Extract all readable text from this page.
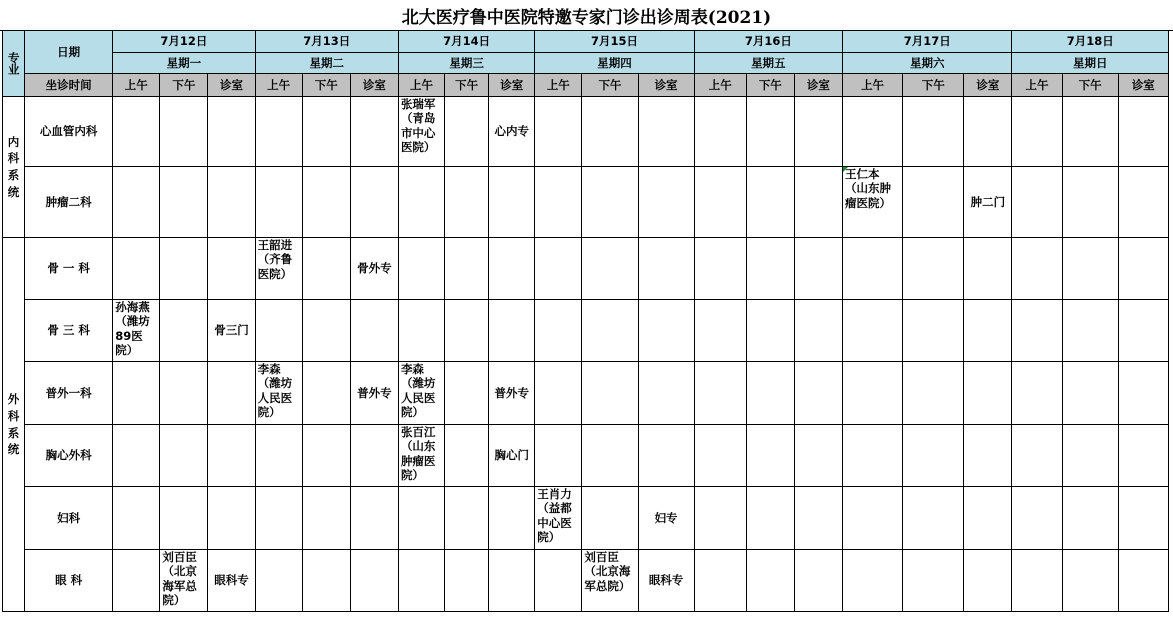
北大医疗鲁中医院特邀专家门诊出诊周表(2021)
专业	日期	7月12日			7月13日			7月14日			7月15日			7月16日			7月17日			7月18日		
		星期一			星期二			星期三			星期四			星期五			星期六			星期日		
	坐诊时间	上午	下午	诊室	上午	下午	诊室	上午	下午	诊室	上午	下午	诊室	上午	下午	诊室	上午	下午	诊室	上午	下午	诊室

内科系统	心血管内科							张瑞军（青岛市中心医院）		心内专												
	肿瘤二科																王仁本（山东肿瘤医院）		肿二门			

外科系统	骨 一 科				王韶进（齐鲁医院）		骨外专															
	骨 三 科	孙海燕（潍坊89医院）		骨三门																		
	普外一科				李森（潍坊人民医院）		普外专	李森（潍坊人民医院）		普外专												
	胸心外科							张百江（山东肿瘤医院）		胸心门												
	妇科										王肖力（益都中心医院）		妇专									
	眼 科		刘百臣（北京海军总院）	眼科专								刘百臣（北京海军总院）	眼科专									
